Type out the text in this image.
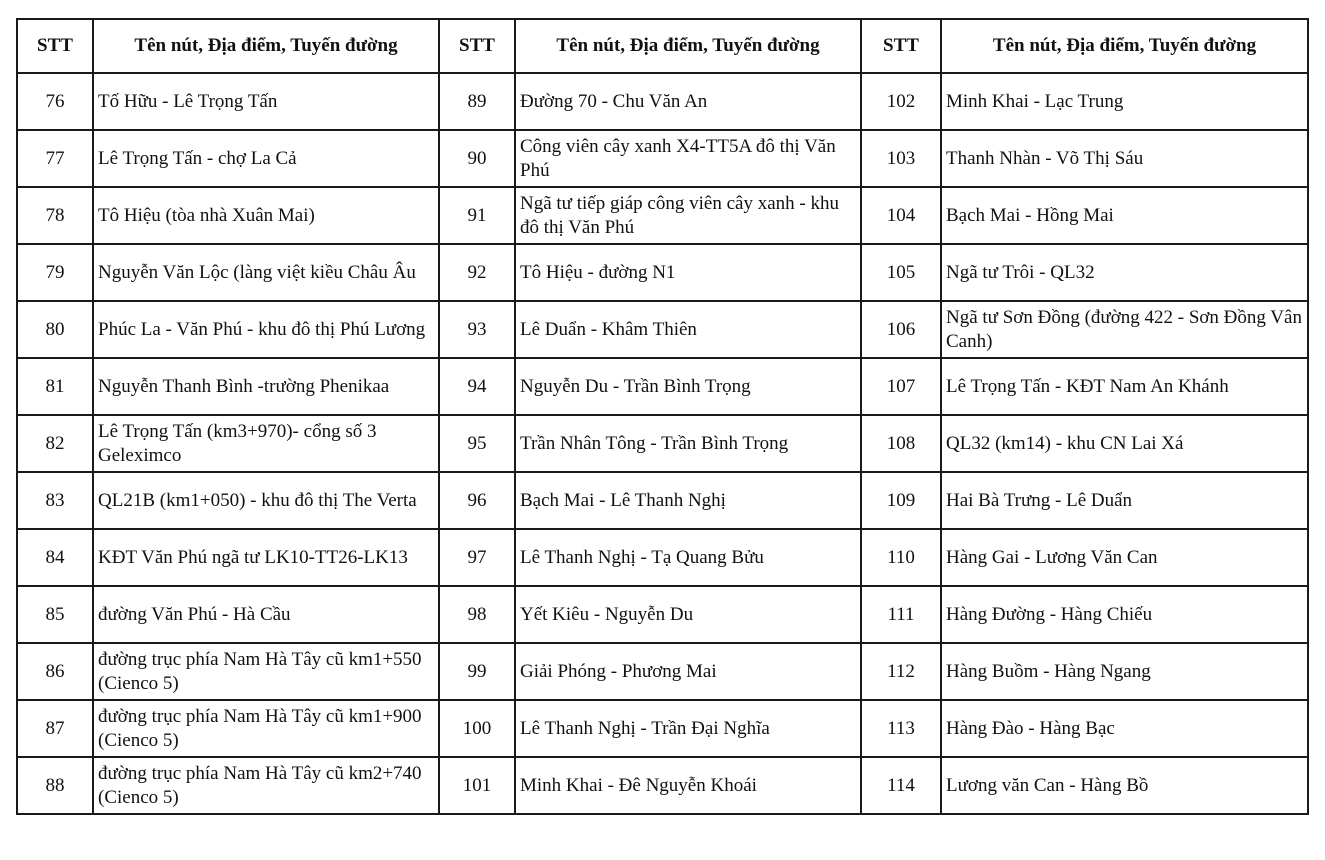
STT	Tên nút, Địa điểm, Tuyến đường	STT	Tên nút, Địa điểm, Tuyến đường	STT	Tên nút, Địa điểm, Tuyến đường
76	Tố Hữu - Lê Trọng Tấn	89	Đường 70 - Chu Văn An	102	Minh Khai - Lạc Trung
77	Lê Trọng Tấn - chợ La Cả	90	Công viên cây xanh X4-TT5A đô thị Văn Phú	103	Thanh Nhàn - Võ Thị Sáu
78	Tô Hiệu (tòa nhà Xuân Mai)	91	Ngã tư tiếp giáp công viên cây xanh - khu đô thị Văn Phú	104	Bạch Mai - Hồng Mai
79	Nguyễn Văn Lộc (làng việt kiều Châu Âu	92	Tô Hiệu - đường N1	105	Ngã tư Trôi - QL32
80	Phúc La - Văn Phú - khu đô thị Phú Lương	93	Lê Duẩn - Khâm Thiên	106	Ngã tư Sơn Đồng (đường 422 - Sơn Đồng Vân Canh)
81	Nguyễn Thanh Bình -trường Phenikaa	94	Nguyễn Du - Trần Bình Trọng	107	Lê Trọng Tấn - KĐT Nam An Khánh
82	Lê Trọng Tấn (km3+970)- cổng số 3 Geleximco	95	Trần Nhân Tông - Trần Bình Trọng	108	QL32 (km14) - khu CN Lai Xá
83	QL21B (km1+050) - khu đô thị The Verta	96	Bạch Mai - Lê Thanh Nghị	109	Hai Bà Trưng - Lê Duẩn
84	KĐT Văn Phú ngã tư LK10-TT26-LK13	97	Lê Thanh Nghị - Tạ Quang Bửu	110	Hàng Gai - Lương Văn Can
85	đường Văn Phú - Hà Cầu	98	Yết Kiêu - Nguyễn Du	111	Hàng Đường - Hàng Chiếu
86	đường trục phía Nam Hà Tây cũ km1+550 (Cienco 5)	99	Giải Phóng - Phương Mai	112	Hàng Buồm - Hàng Ngang
87	đường trục phía Nam Hà Tây cũ km1+900 (Cienco 5)	100	Lê Thanh Nghị - Trần Đại Nghĩa	113	Hàng Đào - Hàng Bạc
88	đường trục phía Nam Hà Tây cũ km2+740 (Cienco 5)	101	Minh Khai - Đê Nguyễn Khoái	114	Lương văn Can - Hàng Bồ
